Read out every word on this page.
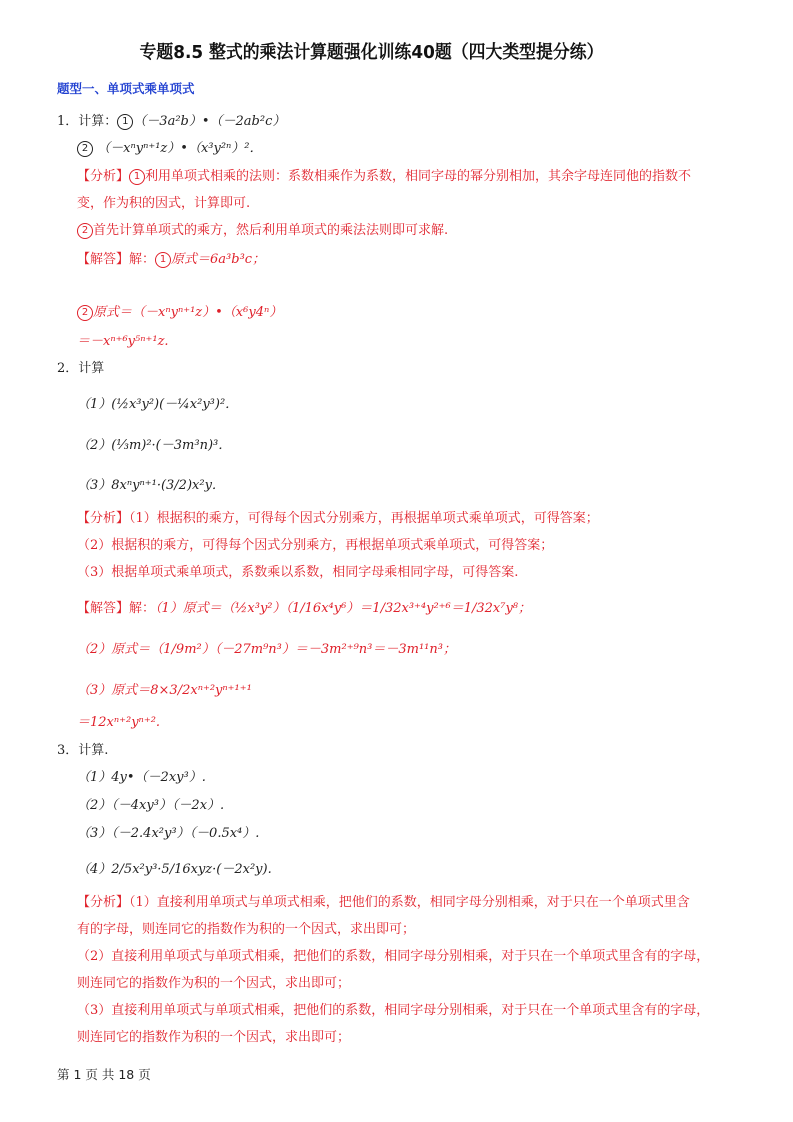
专题8.5 整式的乘法计算题强化训练40题（四大类型提分练）
题型一、单项式乘单项式
1．计算： 1 （－3a²b）•（－2ab²c）
2 （－xⁿyⁿ⁺¹z）•（x³y²ⁿ）²．
【分析】 1 利用单项式相乘的法则：系数相乘作为系数，相同字母的幂分别相加，其余字母连同他的指数不
变，作为积的因式，计算即可.
2 首先计算单项式的乘方，然后利用单项式的乘法法则即可求解.
【解答】解： 1 原式＝6a³b³c；
2 原式＝（－xⁿyⁿ⁺¹z）•（x⁶y4ⁿ）
＝－xⁿ⁺⁶y⁵ⁿ⁺¹z.
2．计算
（1）(½x³y²)(－¼x²y³)²．
（2）(⅓m)²·(－3m³n)³．
（3）8xⁿyⁿ⁺¹·(3/2)x²y．
【分析】（1）根据积的乘方，可得每个因式分别乘方，再根据单项式乘单项式，可得答案；
（2）根据积的乘方，可得每个因式分别乘方，再根据单项式乘单项式，可得答案；
（3）根据单项式乘单项式，系数乘以系数，相同字母乘相同字母，可得答案.
【解答】解：（1）原式＝（½x³y²）（1/16x⁴y⁶）＝1/32x³⁺⁴y²⁺⁶＝1/32x⁷y⁸；
（2）原式＝（1/9m²）（－27m⁹n³）＝－3m²⁺⁹n³＝－3m¹¹n³；
（3）原式＝8×3/2xⁿ⁺²yⁿ⁺¹⁺¹
＝12xⁿ⁺²yⁿ⁺².
3．计算.
（1）4y•（－2xy³）.
（2）（－4xy³）（－2x）.
（3）（－2.4x²y³）（－0.5x⁴）.
（4）2/5x²y³·5/16xyz·(－2x²y).
【分析】（1）直接利用单项式与单项式相乘，把他们的系数，相同字母分别相乘，对于只在一个单项式里含
有的字母，则连同它的指数作为积的一个因式，求出即可；
（2）直接利用单项式与单项式相乘，把他们的系数，相同字母分别相乘，对于只在一个单项式里含有的字母，
则连同它的指数作为积的一个因式，求出即可；
（3）直接利用单项式与单项式相乘，把他们的系数，相同字母分别相乘，对于只在一个单项式里含有的字母，
则连同它的指数作为积的一个因式，求出即可；
第 1 页 共 18 页
